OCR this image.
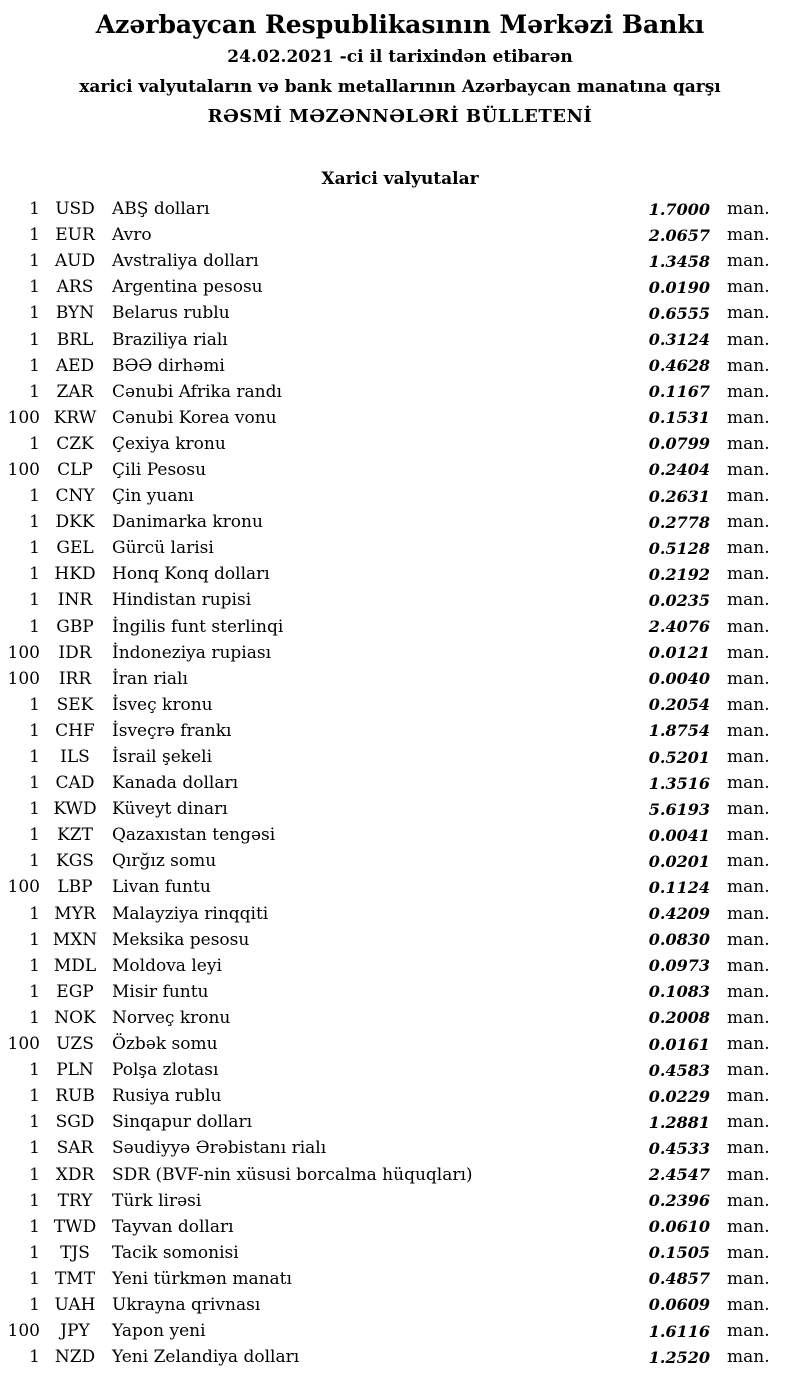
Azərbaycan Respublikasının Mərkəzi Bankı
24.02.2021 -ci il tarixindən etibarən
xarici valyutaların və bank metallarının Azərbaycan manatına qarşı
RƏSMİ MƏZƏNNƏLƏRİ BÜLLETENİ
Xarici valyutalar
1 USD	ABŞ dolları	1.7000	man.
1 EUR	Avro	2.0657	man.
1 AUD Avstraliya dolları	1.3458	man.
1 ARS	Argentina pesosu	0.0190	man.
1 BYN	Belarus rublu	0.6555	man.
1 BRL	Braziliya rialı	0.3124	man.
1 AED	BƏƏ dirhəmi	0.4628	man.
1 ZAR	Cənubi Afrika randı	0.1167	man.
100 KRW Cənubi Korea vonu	0.1531	man.
1 CZK	Çexiya kronu	0.0799	man.
100	CLP	Çili Pesosu	0.2404	man.
1 CNY	Çin yuanı	0.2631	man.
1 DKK	Danimarka kronu	0.2778	man.
1 GEL	Gürcü larisi	0.5128	man.
1 HKD Honq Konq dolları	0.2192	man.
1	INR	Hindistan rupisi	0.0235	man.
1 GBP	İngilis funt sterlinqi	2.4076	man.
100	IDR	İndoneziya rupiası	0.0121	man.
100	IRR	İran rialı	0.0040	man.
1 SEK	İsveç kronu	0.2054	man.
1 CHF	İsveçrə frankı	1.8754	man.
1	ILS	İsrail şekeli	0.5201	man.
1 CAD	Kanada dolları	1.3516	man.
1 KWD Küveyt dinarı	5.6193	man.
1	KZT	Qazaxıstan tengəsi	0.0041	man.
1 KGS	Qırğız somu	0.0201	man.
100	LBP	Livan funtu	0.1124	man.
1 MYR Malayziya rinqqiti	0.4209	man.
1 MXN Meksika pesosu	0.0830	man.
1 MDL Moldova leyi	0.0973	man.
1 EGP	Misir funtu	0.1083	man.
1 NOK Norveç kronu	0.2008	man.
100 UZS	Özbək somu	0.0161	man.
1 PLN	Polşa zlotası	0.4583	man.
1 RUB	Rusiya rublu	0.0229	man.
1 SGD	Sinqapur dolları	1.2881	man.
1 SAR	Səudiyyə Ərəbistanı rialı	0.4533	man.
1 XDR	SDR (BVF-nin xüsusi borcalma hüquqları)	2.4547	man.
1	TRY	Türk lirəsi	0.2396	man.
1 TWD Tayvan dolları	0.0610	man.
1	TJS	Tacik somonisi	0.1505	man.
1 TMT Yeni türkmən manatı	0.4857	man.
1 UAH Ukrayna qrivnası	0.0609	man.
100	JPY	Yapon yeni	1.6116	man.
1 NZD Yeni Zelandiya dolları	1.2520	man.
